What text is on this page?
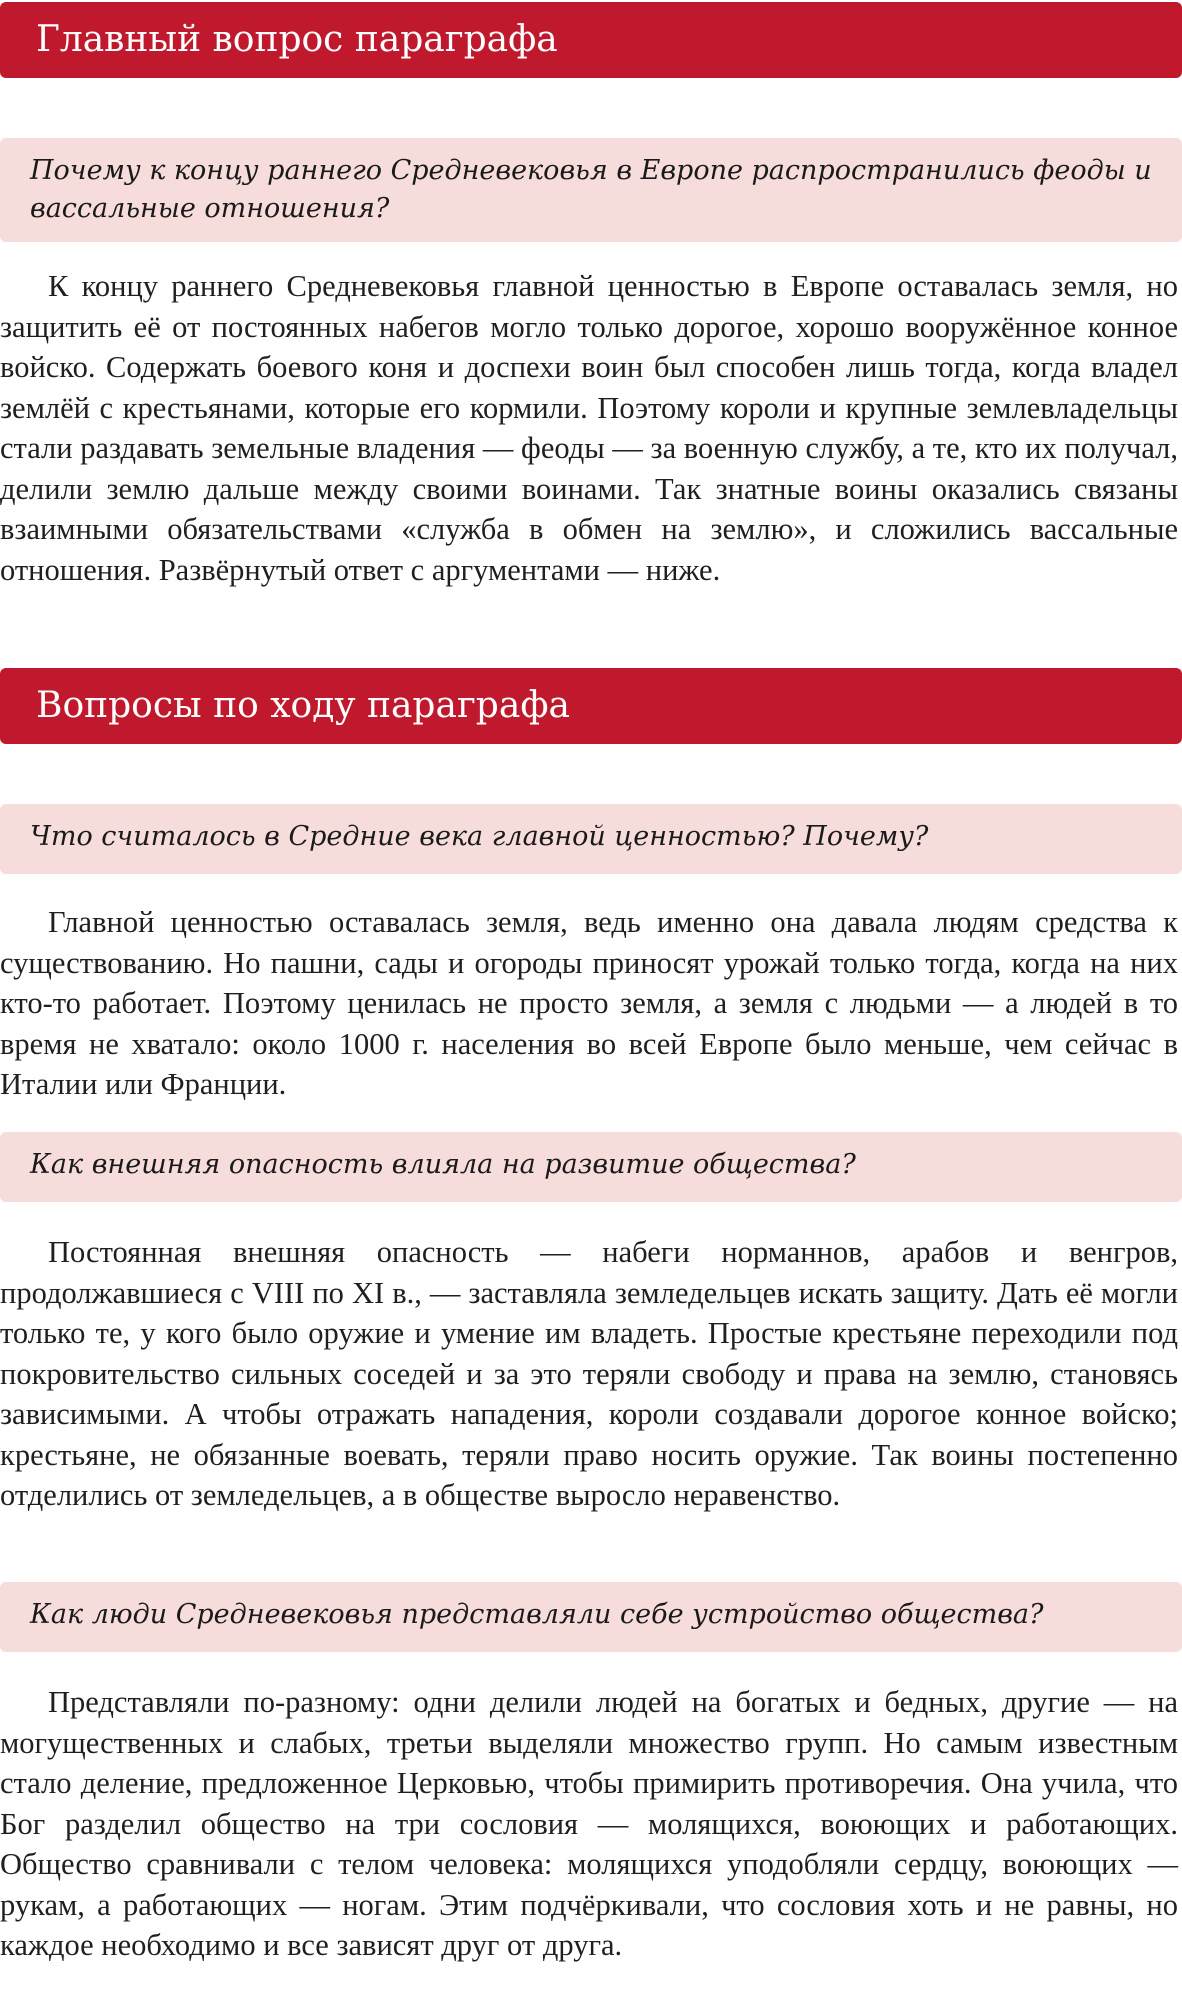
Главный вопрос параграфа
Почему к концу раннего Средневековья в Европе распространились феоды и вассальные отношения?
К концу раннего Средневековья главной ценностью в Европе оставалась земля, но защитить её от постоянных набегов могло только дорогое, хорошо вооружённое конное войско. Содержать боевого коня и доспехи воин был способен лишь тогда, когда владел землёй с крестьянами, которые его кормили. Поэтому короли и крупные землевладельцы стали раздавать земельные владения — феоды — за военную службу, а те, кто их получал, делили землю дальше между своими воинами. Так знатные воины оказались связаны взаимными обязательствами «служба в обмен на землю», и сложились вассальные отношения. Развёрнутый ответ с аргументами — ниже.
Вопросы по ходу параграфа
Что считалось в Средние века главной ценностью? Почему?
Главной ценностью оставалась земля, ведь именно она давала людям средства к существованию. Но пашни, сады и огороды приносят урожай только тогда, когда на них кто-то работает. Поэтому ценилась не просто земля, а земля с людьми — а людей в то время не хватало: около 1000 г. населения во всей Европе было меньше, чем сейчас в Италии или Франции.
Как внешняя опасность влияла на развитие общества?
Постоянная внешняя опасность — набеги норманнов, арабов и венгров, продолжавшиеся с VIII по XI в., — заставляла земледельцев искать защиту. Дать её могли только те, у кого было оружие и умение им владеть. Простые крестьяне переходили под покровительство сильных соседей и за это теряли свободу и права на землю, становясь зависимыми. А чтобы отражать нападения, короли создавали дорогое конное войско; крестьяне, не обязанные воевать, теряли право носить оружие. Так воины постепенно отделились от земледельцев, а в обществе выросло неравенство.
Как люди Средневековья представляли себе устройство общества?
Представляли по-разному: одни делили людей на богатых и бедных, другие — на могущественных и слабых, третьи выделяли множество групп. Но самым известным стало деление, предложенное Церковью, чтобы примирить противоречия. Она учила, что Бог разделил общество на три сословия — молящихся, воюющих и работающих. Общество сравнивали с телом человека: молящихся уподобляли сердцу, воюющих — рукам, а работающих — ногам. Этим подчёркивали, что сословия хоть и не равны, но каждое необходимо и все зависят друг от друга.
